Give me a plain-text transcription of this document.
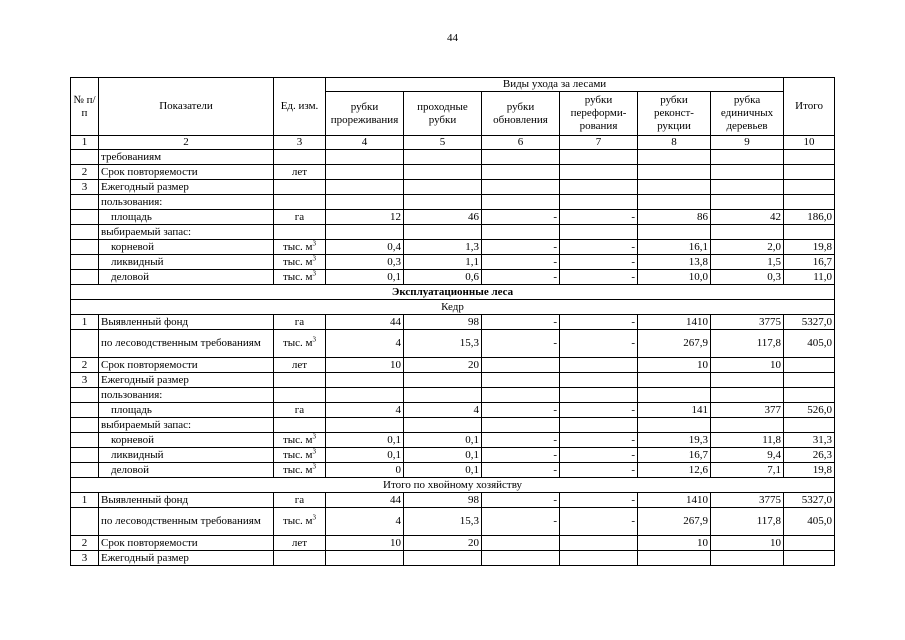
44
№ п/п	Показатели	Ед. изм.	Виды ухода за лесами						Итого
			рубки прореживания	проходные рубки	рубки обновления	рубки переформи-рования	рубки реконст-рукции	рубка единичных деревьев	
1	2	3	4	5	6	7	8	9	10
	требованиям								
2	Срок повторяемости	лет							
3	Ежегодный размер								
	пользования:								
	площадь	га	12	46	-	-	86	42	186,0
	выбираемый запас:								
	корневой	тыс. $м^3$	0,4	1,3	-	-	16,1	2,0	19,8
	ликвидный	тыс. $м^3$	0,3	1,1	-	-	13,8	1,5	16,7
	деловой	тыс. $м^3$	0,1	0,6	-	-	10,0	0,3	11,0
Эксплуатационные леса									
Кедр									
1	Выявленный фонд	га	44	98	-	-	1410	3775	5327,0
	по лесоводственным требованиям	тыс. $м^3$	4	15,3	-	-	267,9	117,8	405,0
2	Срок повторяемости	лет	10	20			10	10	
3	Ежегодный размер								
	пользования:								
	площадь	га	4	4	-	-	141	377	526,0
	выбираемый запас:								
	корневой	тыс. $м^3$	0,1	0,1	-	-	19,3	11,8	31,3
	ликвидный	тыс. $м^3$	0,1	0,1	-	-	16,7	9,4	26,3
	деловой	тыс. $м^3$	0	0,1	-	-	12,6	7,1	19,8
Итого по хвойному хозяйству									
1	Выявленный фонд	га	44	98	-	-	1410	3775	5327,0
	по лесоводственным требованиям	тыс. $м^3$	4	15,3	-	-	267,9	117,8	405,0
2	Срок повторяемости	лет	10	20			10	10	
3	Ежегодный размер								
